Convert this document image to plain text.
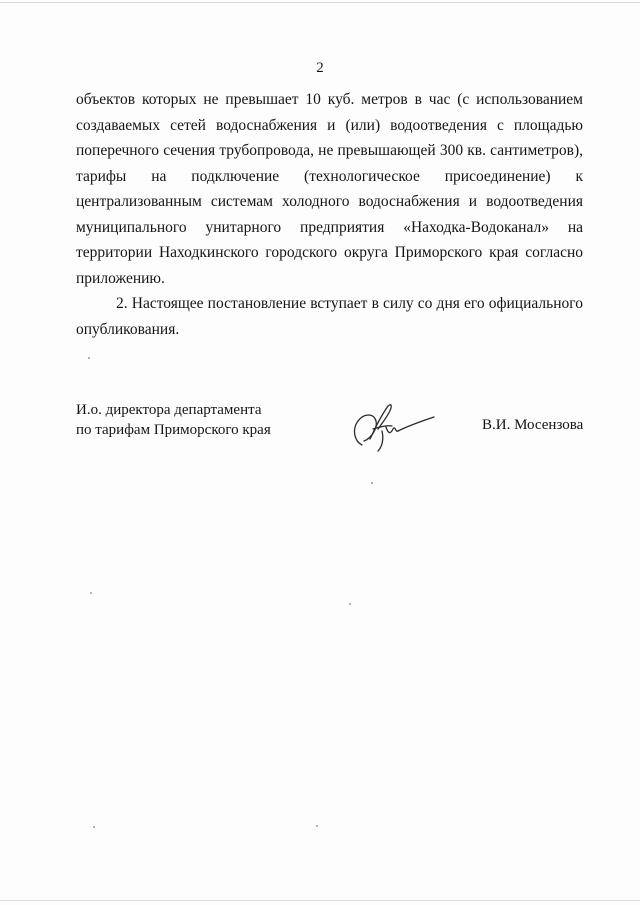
2
объектов которых не превышает 10 куб. метров в час (с использованием
создаваемых сетей водоснабжения и (или) водоотведения с площадью
поперечного сечения трубопровода, не превышающей 300 кв. сантиметров),
тарифы на подключение (технологическое присоединение) к
централизованным системам холодного водоснабжения и водоотведения
муниципального унитарного предприятия «Находка-Водоканал» на
территории Находкинского городского округа Приморского края согласно
приложению.
2. Настоящее постановление вступает в силу со дня его официального
опубликования.
И.о. директора департамента
по тарифам Приморского края	В.И. Мосензова
